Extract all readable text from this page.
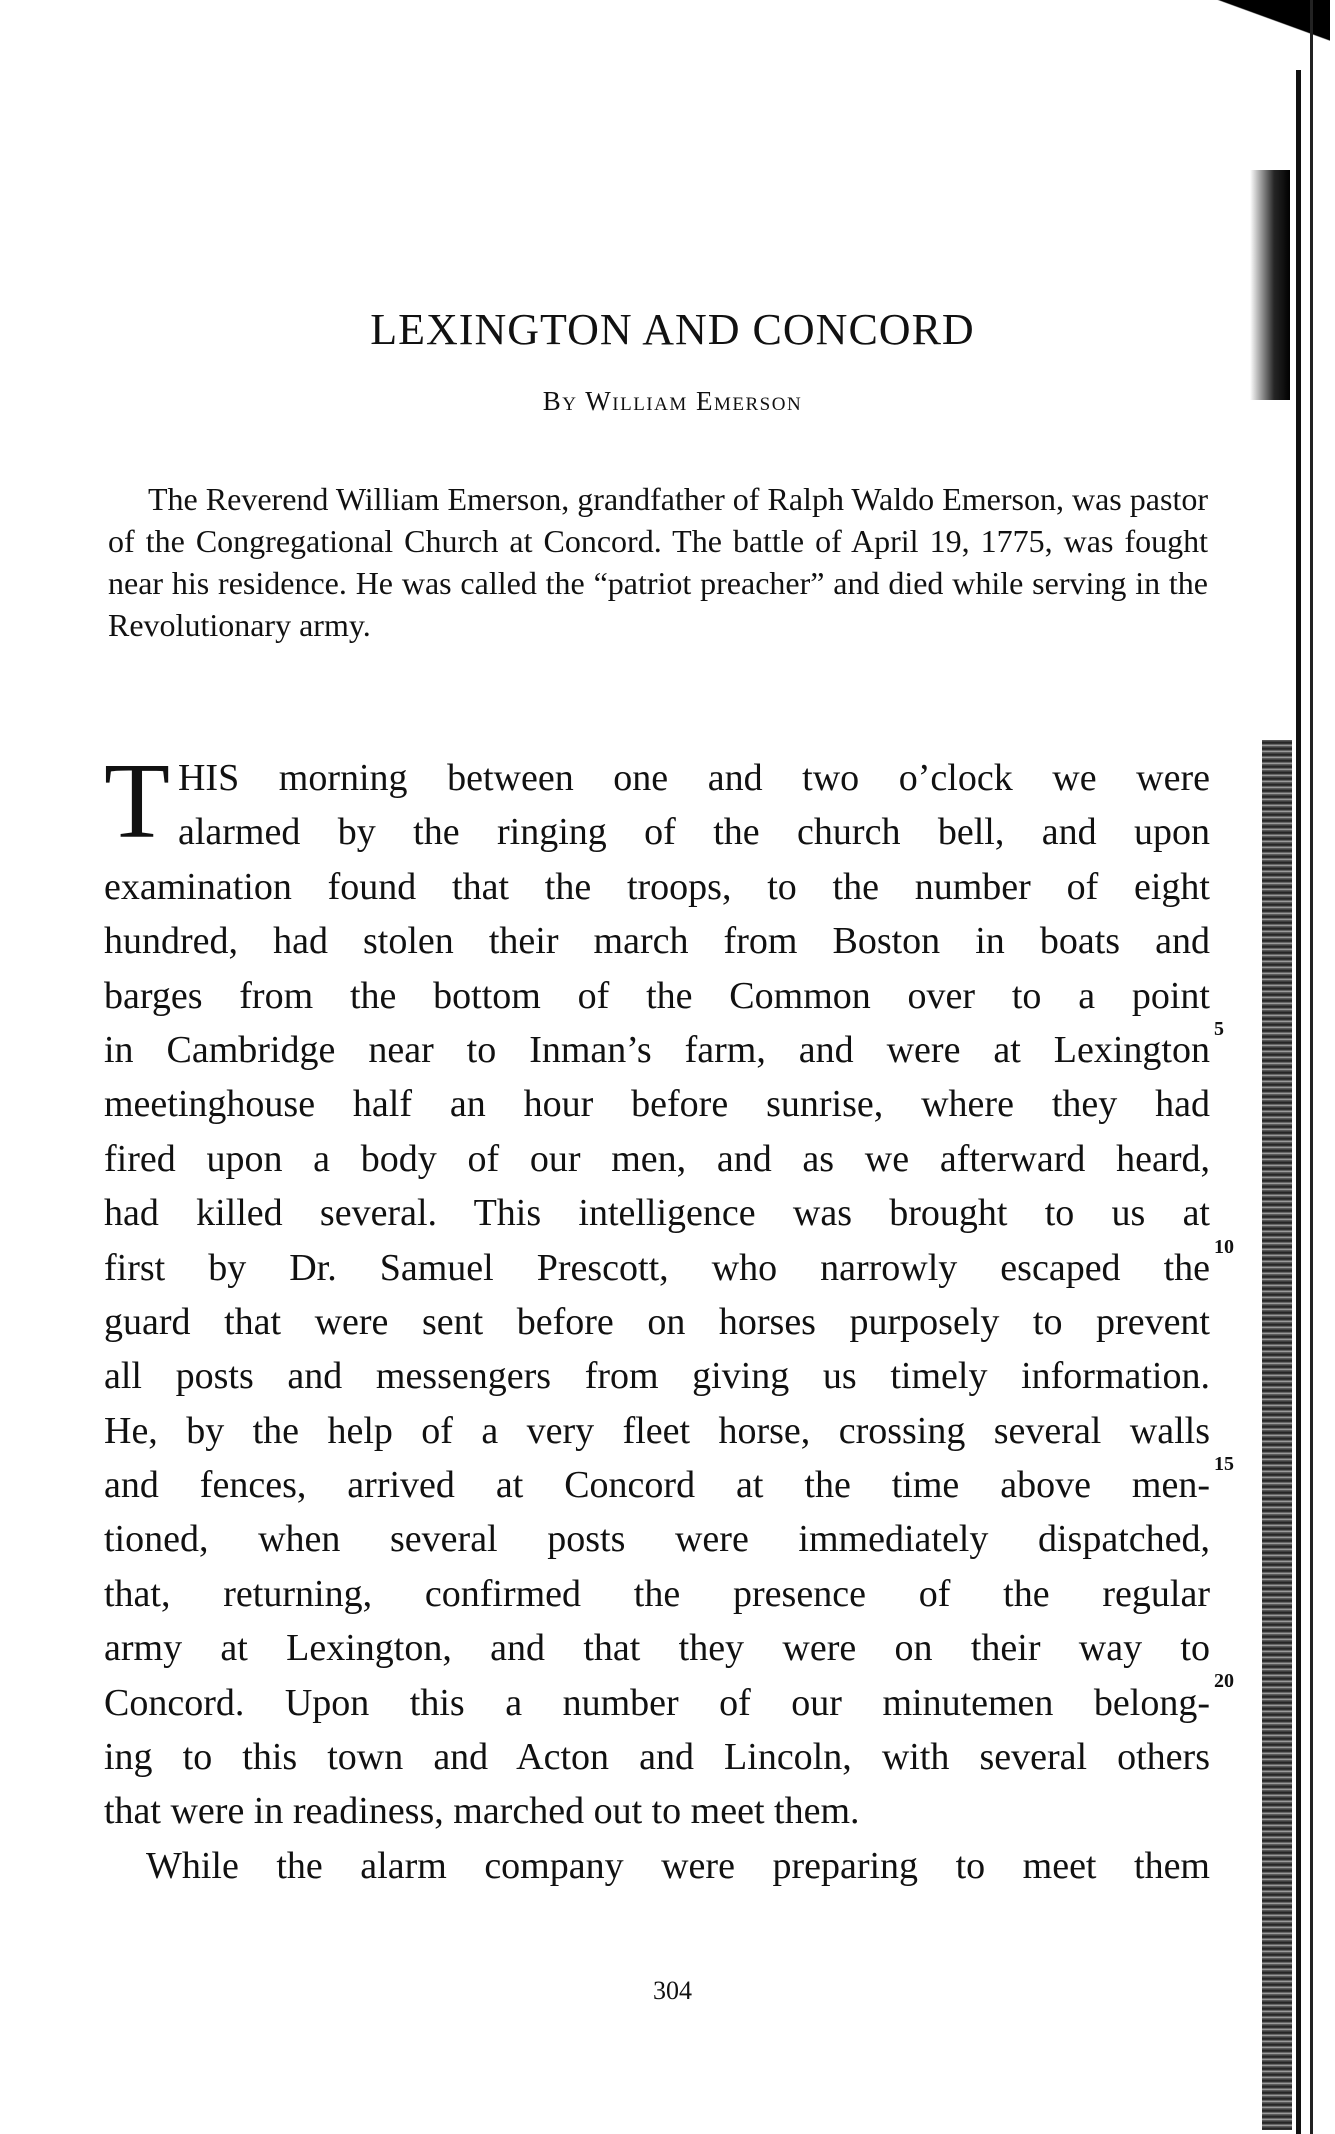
LEXINGTON AND CONCORD
By William Emerson

The Reverend William Emerson, grandfather of Ralph Waldo Emerson, was pastor of the Congregational Church at Concord. The battle of April 19, 1775, was fought near his residence. He was called the “patriot preacher” and died while serving in the Revolutionary army.

T HIS morning between one and two o’clock we were
alarmed by the ringing of the church bell, and upon
examination found that the troops, to the number of eight
hundred, had stolen their march from Boston in boats and
barges from the bottom of the Common over to a point
in Cambridge near to Inman’s farm, and were at Lexington
meetinghouse half an hour before sunrise, where they had
fired upon a body of our men, and as we afterward heard,
had killed several. This intelligence was brought to us at
first by Dr. Samuel Prescott, who narrowly escaped the
guard that were sent before on horses purposely to prevent
all posts and messengers from giving us timely information.
He, by the help of a very fleet horse, crossing several walls
and fences, arrived at Concord at the time above men-
tioned, when several posts were immediately dispatched,
that, returning, confirmed the presence of the regular
army at Lexington, and that they were on their way to
Concord. Upon this a number of our minutemen belong-
ing to this town and Acton and Lincoln, with several others
that were in readiness, marched out to meet them.
While the alarm company were preparing to meet them
5
10
15
20
304
